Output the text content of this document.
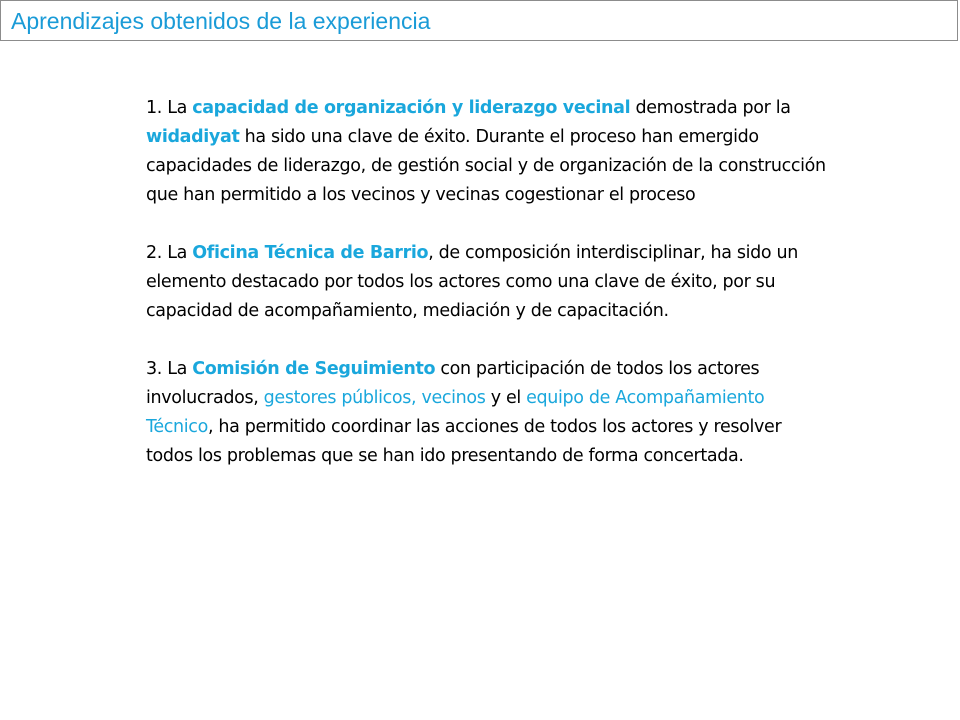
Aprendizajes obtenidos de la experiencia

1. La capacidad de organización y liderazgo vecinal demostrada por la widadiyat ha sido una clave de éxito. Durante el proceso han emergido capacidades de liderazgo, de gestión social y de organización de la construcción que han permitido a los vecinos y vecinas cogestionar el proceso

2. La Oficina Técnica de Barrio, de composición interdisciplinar, ha sido un elemento destacado por todos los actores como una clave de éxito, por su capacidad de acompañamiento, mediación y de capacitación.

3. La Comisión de Seguimiento con participación de todos los actores involucrados, gestores públicos, vecinos y el equipo de Acompañamiento Técnico, ha permitido coordinar las acciones de todos los actores y resolver todos los problemas que se han ido presentando de forma concertada.
